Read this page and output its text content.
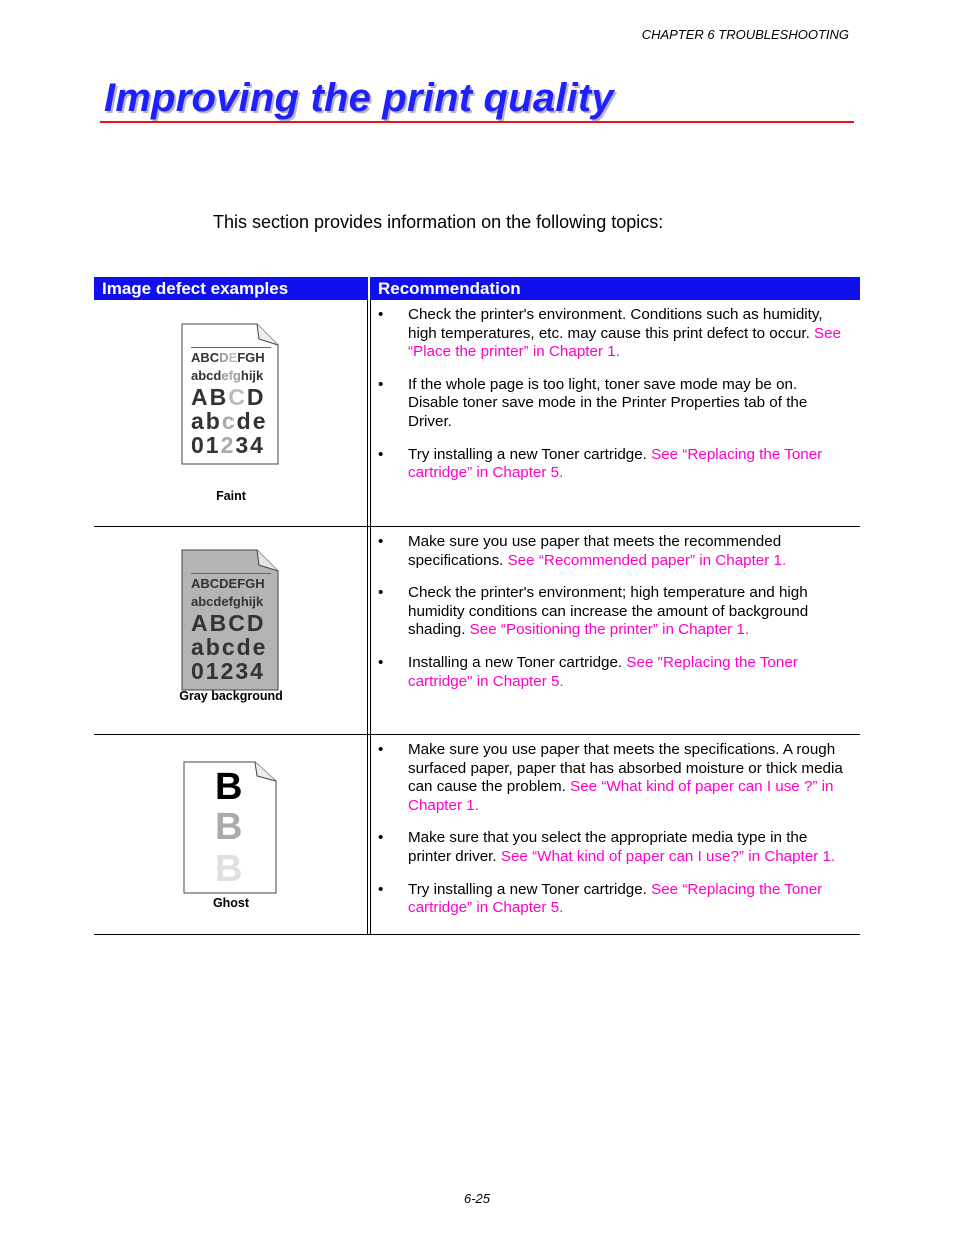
CHAPTER 6 TROUBLESHOOTING
Improving the print quality
This section provides information on the following topics:
Image defect examples	Recommendation
ABCDEFGH
abcdefghijk
ABCD
abcde
01234
Faint
•	Check the printer's environment. Conditions such as humidity, high temperatures, etc. may cause this print defect to occur. See “Place the printer” in Chapter 1.
•	If the whole page is too light, toner save mode may be on. Disable toner save mode in the Printer Properties tab of the Driver.
•	Try installing a new Toner cartridge. See “Replacing the Toner cartridge” in Chapter 5.
ABCDEFGH
abcdefghijk
ABCD
abcde
01234
Gray background
•	Make sure you use paper that meets the recommended specifications. See “Recommended paper” in Chapter 1.
•	Check the printer's environment; high temperature and high humidity conditions can increase the amount of background shading. See “Positioning the printer” in Chapter 1.
•	Installing a new Toner cartridge. See "Replacing the Toner cartridge" in Chapter 5.
B
B
B
Ghost
•	Make sure you use paper that meets the specifications. A rough surfaced paper, paper that has absorbed moisture or thick media can cause the problem. See “What kind of paper can I use ?” in Chapter 1.
•	Make sure that you select the appropriate media type in the printer driver. See “What kind of paper can I use?” in Chapter 1.
•	Try installing a new Toner cartridge. See “Replacing the Toner cartridge” in Chapter 5.
6-25
